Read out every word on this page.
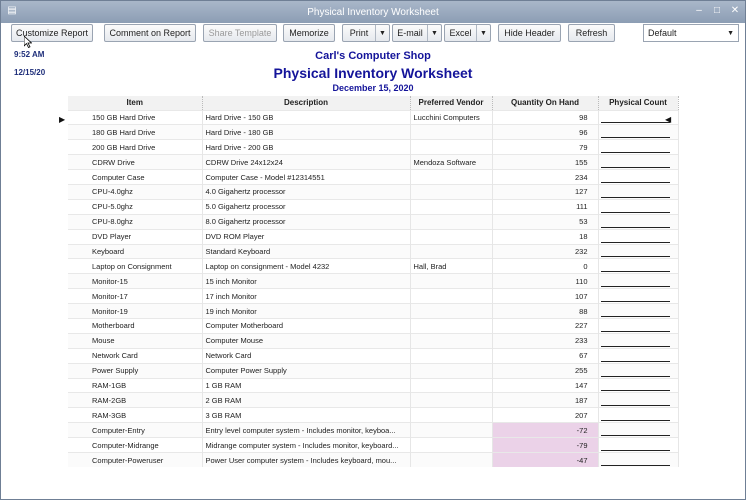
▤	Physical Inventory Worksheet	–	□ ✕
Customize Report	Comment on Report	Share Template	Memorize	Print	▼	E-mail	▼	Excel	▼	Hide Header	Refresh	Default	▼
9:52 AM
12/15/20
Carl's Computer Shop
Physical Inventory Worksheet
December 15, 2020
▶	◀
Item	Description	Preferred Vendor	Quantity On Hand	Physical Count
150 GB Hard Drive	Hard Drive - 150 GB	Lucchini Computers	98	
180 GB Hard Drive	Hard Drive - 180 GB		96	
200 GB Hard Drive	Hard Drive - 200 GB		79	
CDRW Drive	CDRW Drive 24x12x24	Mendoza Software	155	
Computer Case	Computer Case - Model #12314551		234	
CPU-4.0ghz	4.0 Gigahertz processor		127	
CPU-5.0ghz	5.0 Gigahertz processor		111	
CPU-8.0ghz	8.0 Gigahertz processor		53	
DVD Player	DVD ROM Player		18	
Keyboard	Standard Keyboard		232	
Laptop on Consignment	Laptop on consignment - Model 4232	Hall, Brad	0	
Monitor-15	15 inch Monitor		110	
Monitor-17	17 inch Monitor		107	
Monitor-19	19 inch Monitor		88	
Motherboard	Computer Motherboard		227	
Mouse	Computer Mouse		233	
Network Card	Network Card		67	
Power Supply	Computer Power Supply		255	
RAM-1GB	1 GB RAM		147	
RAM-2GB	2 GB RAM		187	
RAM-3GB	3 GB RAM		207	
Computer-Entry	Entry level computer system - Includes monitor, keyboa...		-72	
Computer-Midrange	Midrange computer system - Includes monitor, keyboard...		-79	
Computer-Poweruser	Power User computer system - Includes keyboard, mou...		-47	
